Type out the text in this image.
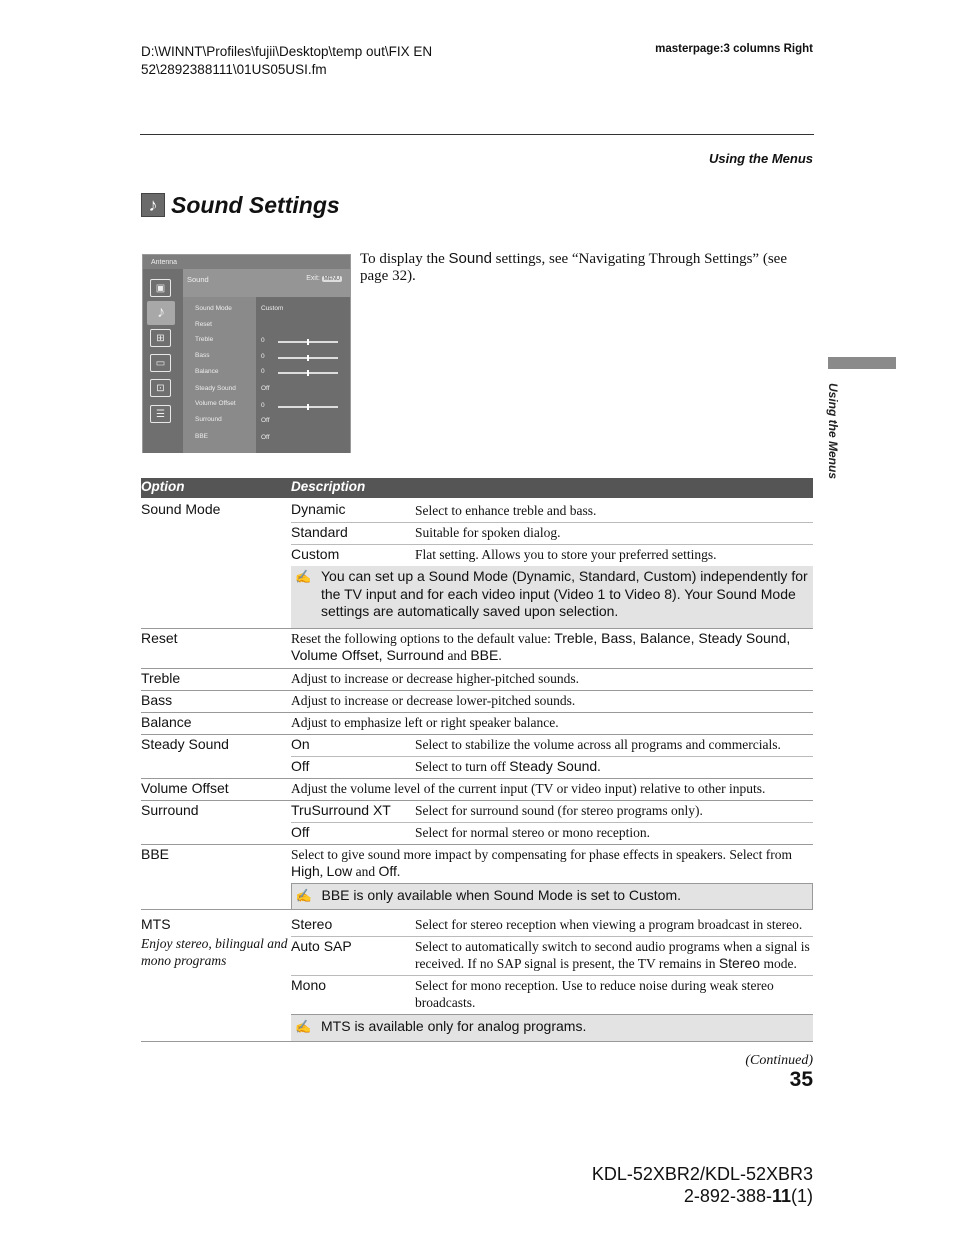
D:\WINNT\Profiles\fujii\Desktop\temp out\FIX EN
52\2892388111\01US05USI.fm
masterpage:3 columns Right
Using the Menus
♪ Sound Settings
Antenna
▣
♪
⊞
▭
⊡
☰
Sound	Exit: MENU
Sound Mode
Reset
Treble
Bass
Balance
Steady Sound
Volume Offset
Surround
BBE
Custom
0
0
0
Off
0
Off
Off
To display the Sound settings, see “Navigating Through Settings” (see page 32).
Using the Menus
Option	Description	
Sound Mode	Dynamic	Select to enhance treble and bass.
	Standard	Suitable for spoken dialog.
	Custom	Flat setting. Allows you to store your preferred settings.

	✍ You can set up a Sound Mode (Dynamic, Standard, Custom) independently for the TV input and for each video input (Video 1 to Video 8). Your Sound Mode settings are automatically saved upon selection.	

Reset	Reset the following options to the default value: Treble, Bass, Balance, Steady Sound, Volume Offset, Surround and BBE.	
Treble	Adjust to increase or decrease higher-pitched sounds.	
Bass	Adjust to increase or decrease lower-pitched sounds.	
Balance	Adjust to emphasize left or right speaker balance.	
Steady Sound	On	Select to stabilize the volume across all programs and commercials.
	Off	Select to turn off Steady Sound.
Volume Offset	Adjust the volume level of the current input (TV or video input) relative to other inputs.	
Surround	TruSurround XT	Select for surround sound (for stereo programs only).
	Off	Select for normal stereo or mono reception.
BBE	Select to give sound more impact by compensating for phase effects in speakers. Select from High, Low and Off.	

	✍ BBE is only available when Sound Mode is set to Custom.	

MTS
Enjoy stereo, bilingual and mono programs	Stereo	Select for stereo reception when viewing a program broadcast in stereo.
	Auto SAP	Select to automatically switch to second audio programs when a signal is received. If no SAP signal is present, the TV remains in Stereo mode.
	Mono	Select for mono reception. Use to reduce noise during weak stereo broadcasts.

	✍ MTS is available only for analog programs.	
(Continued)
35
KDL-52XBR2/KDL-52XBR3
2-892-388-11(1)
